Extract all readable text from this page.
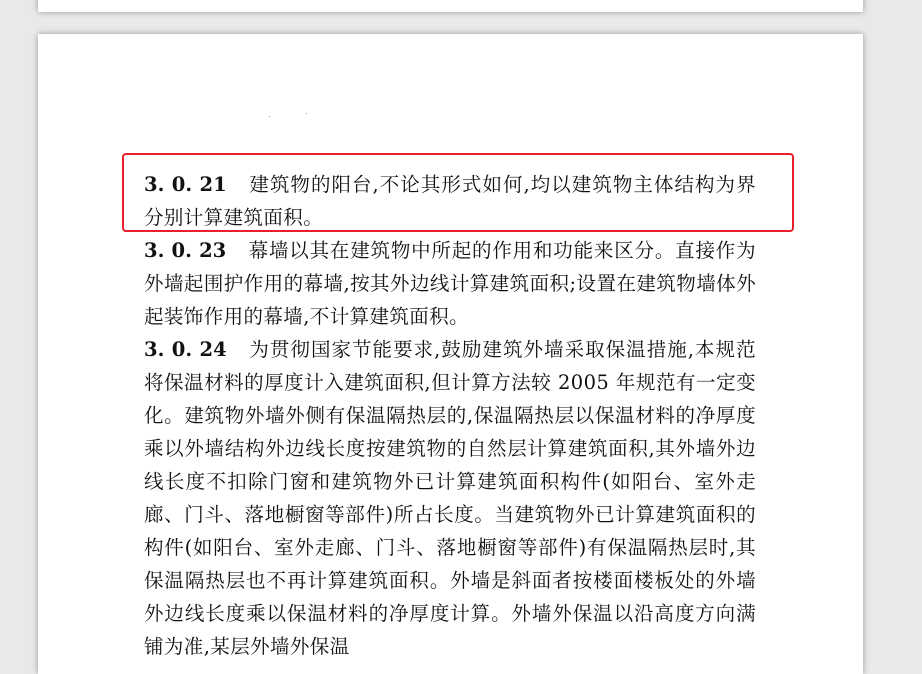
3. 0. 21 建筑物的阳台,不论其形式如何,均以建筑物主体结构为界分别计算建筑面积。

3. 0. 23 幕墙以其在建筑物中所起的作用和功能来区分。直接作为外墙起围护作用的幕墙,按其外边线计算建筑面积;设置在建筑物墙体外起装饰作用的幕墙,不计算建筑面积。

3. 0. 24 为贯彻国家节能要求,鼓励建筑外墙采取保温措施,本规范将保温材料的厚度计入建筑面积,但计算方法较 2005 年规范有一定变化。建筑物外墙外侧有保温隔热层的,保温隔热层以保温材料的净厚度乘以外墙结构外边线长度按建筑物的自然层计算建筑面积,其外墙外边线长度不扣除门窗和建筑物外已计算建筑面积构件(如阳台、室外走廊、门斗、落地橱窗等部件)所占长度。当建筑物外已计算建筑面积的构件(如阳台、室外走廊、门斗、落地橱窗等部件)有保温隔热层时,其保温隔热层也不再计算建筑面积。外墙是斜面者按楼面楼板处的外墙外边线长度乘以保温材料的净厚度计算。外墙外保温以沿高度方向满铺为准,某层外墙外保温
